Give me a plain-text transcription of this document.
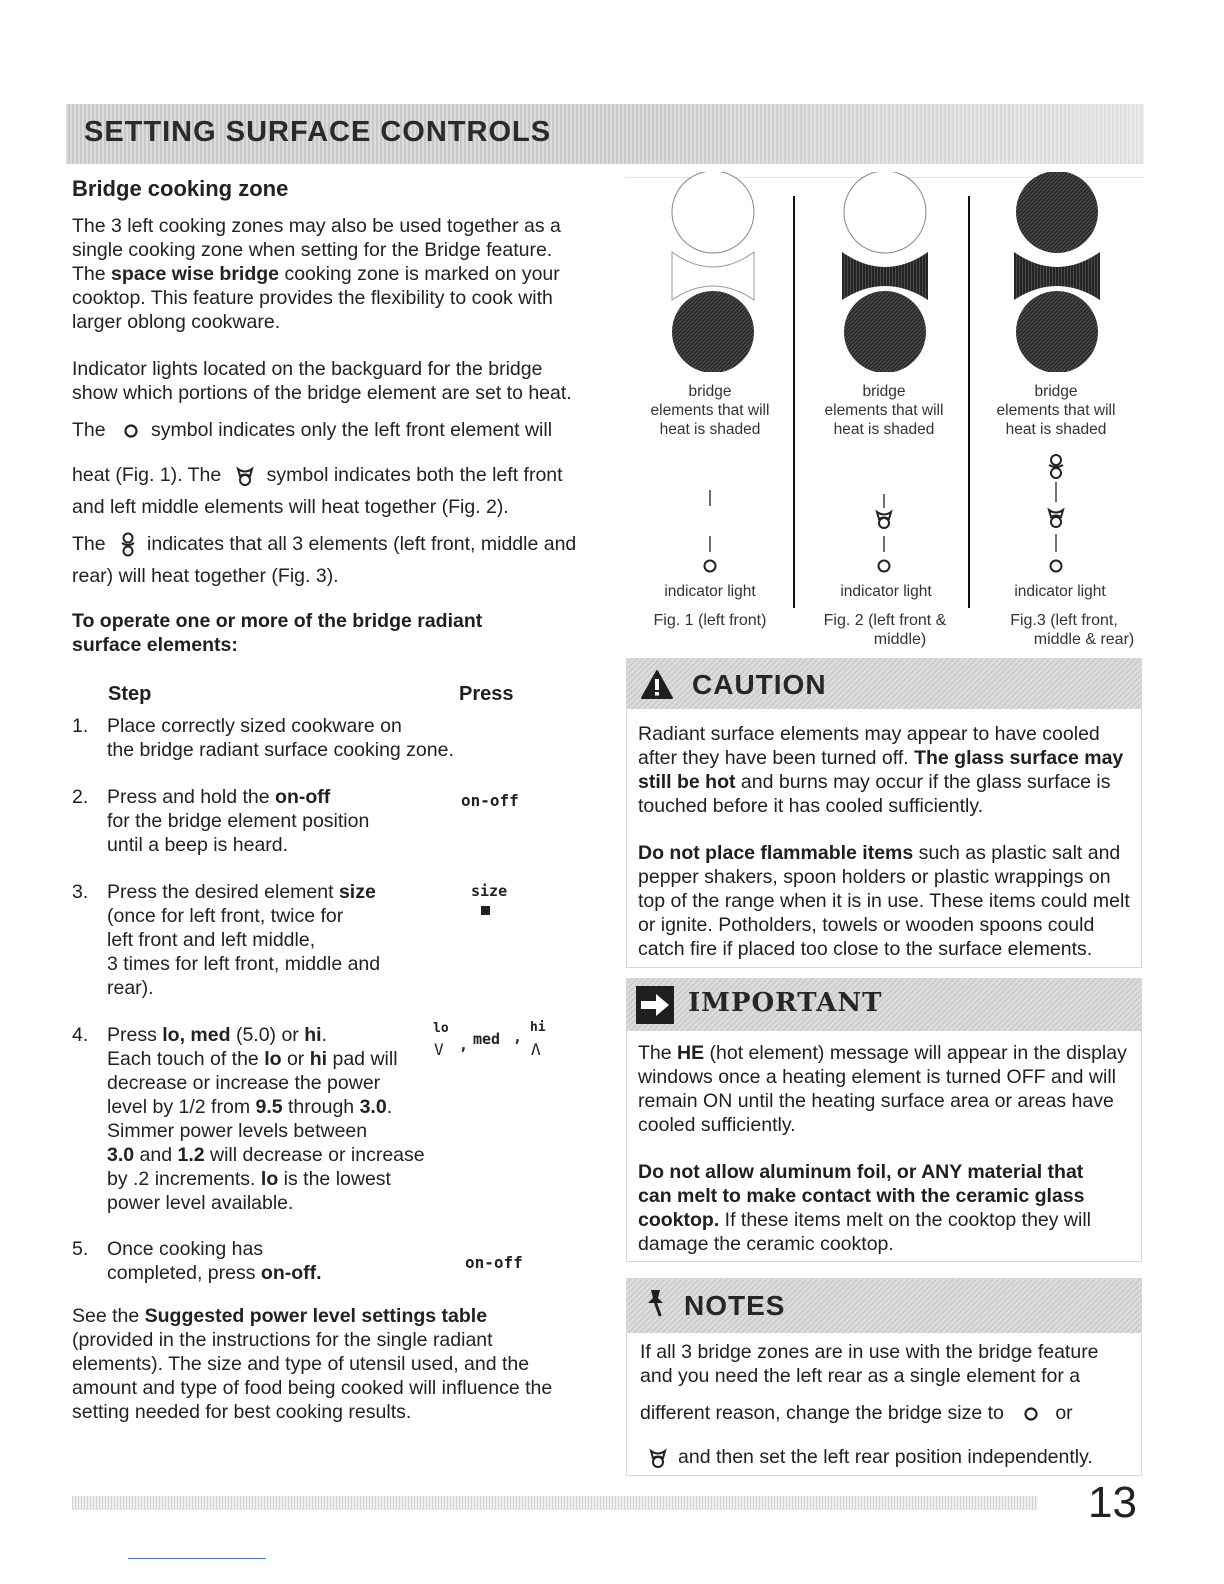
SETTING SURFACE CONTROLS
Bridge cooking zone
The 3 left cooking zones may also be used together as a
single cooking zone when setting for the Bridge feature.
The space wise bridge cooking zone is marked on your
cooktop. This feature provides the flexibility to cook with
larger oblong cookware.
Indicator lights located on the backguard for the bridge
show which portions of the bridge element are set to heat.
The symbol indicates only the left front element will
heat (Fig. 1). The symbol indicates both the left front
and left middle elements will heat together (Fig. 2).
The indicates that all 3 elements (left front, middle and
rear) will heat together (Fig. 3).
To operate one or more of the bridge radiant
surface elements:
Step	Press
1. Place correctly sized cookware on
the bridge radiant surface cooking zone.
2. Press and hold the on-off
for the bridge element position
until a beep is heard.
on-off
3. Press the desired element size
(once for left front, twice for
left front and left middle,
3 times for left front, middle and
rear).
size
4. Press lo, med (5.0) or hi.
Each touch of the lo or hi pad will
decrease or increase the power
level by 1/2 from 9.5 through 3.0.
Simmer power levels between
3.0 and 1.2 will decrease or increase
by .2 increments. lo is the lowest
power level available.
lo
V , med ,
hi
Λ
5. Once cooking has
completed, press on-off.	on-off
See the Suggested power level settings table
(provided in the instructions for the single radiant
elements). The size and type of utensil used, and the
amount and type of food being cooked will influence the
setting needed for best cooking results.
bridge
elements that will
heat is shaded
bridge
elements that will
heat is shaded
bridge
elements that will
heat is shaded
indicator light	indicator light	indicator light
Fig. 1 (left front)	Fig. 2 (left front &
middle)
Fig.3 (left front,
middle & rear)
CAUTION
Radiant surface elements may appear to have cooled
after they have been turned off. The glass surface may
still be hot and burns may occur if the glass surface is
touched before it has cooled sufficiently.
Do not place flammable items such as plastic salt and
pepper shakers, spoon holders or plastic wrappings on
top of the range when it is in use. These items could melt
or ignite. Potholders, towels or wooden spoons could
catch fire if placed too close to the surface elements.
IMPORTANT
The HE (hot element) message will appear in the display
windows once a heating element is turned OFF and will
remain ON until the heating surface area or areas have
cooled sufficiently.
Do not allow aluminum foil, or ANY material that
can melt to make contact with the ceramic glass
cooktop. If these items melt on the cooktop they will
damage the ceramic cooktop.
NOTES
If all 3 bridge zones are in use with the bridge feature
and you need the left rear as a single element for a
different reason, change the bridge size to	or
and then set the left rear position independently.
13
